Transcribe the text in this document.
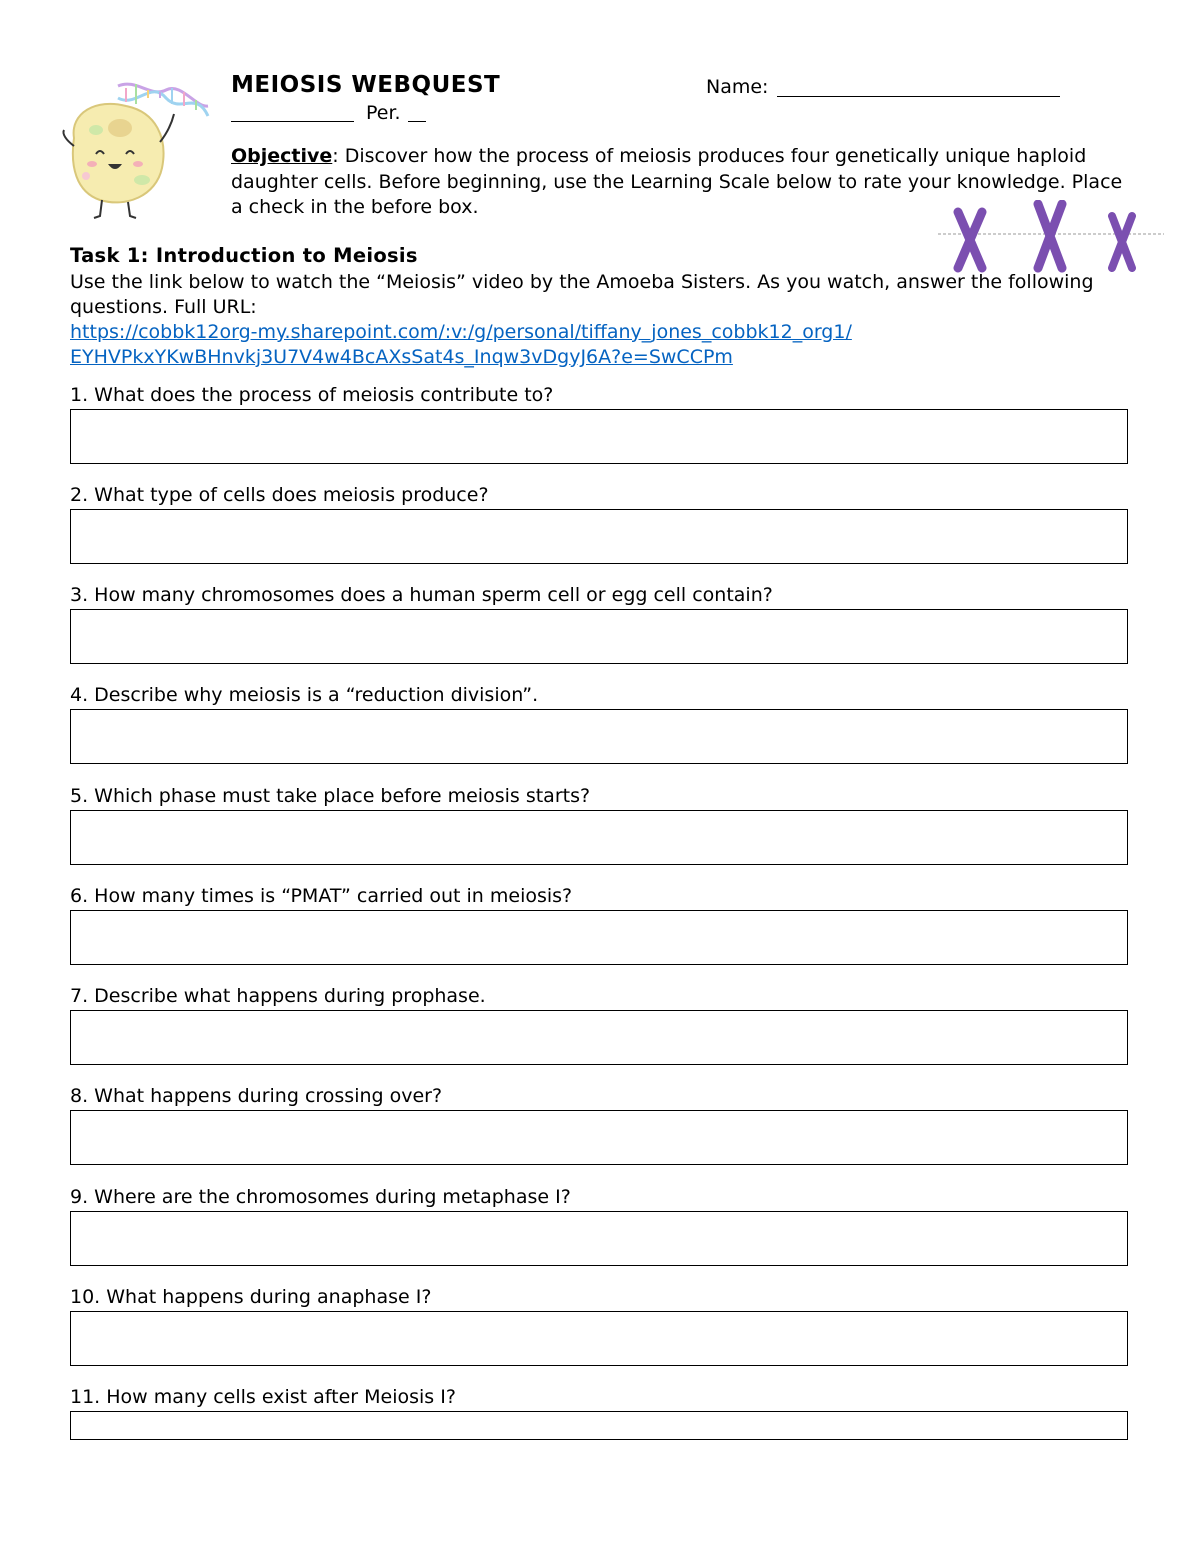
MEIOSIS WEBQUEST	Name:
Per.
Objective: Discover how the process of meiosis produces four genetically unique haploid daughter cells. Before beginning, use the Learning Scale below to rate your knowledge. Place a check in the before box.
Task 1: Introduction to Meiosis
Use the link below to watch the “Meiosis” video by the Amoeba Sisters. As you watch, answer the following questions. Full URL:
https://cobbk12org-my.sharepoint.com/:v:/g/personal/tiffany_jones_cobbk12_org1/
EYHVPkxYKwBHnvkj3U7V4w4BcAXsSat4s_Inqw3vDgyJ6A?e=SwCCPm
1. What does the process of meiosis contribute to?
2. What type of cells does meiosis produce?
3. How many chromosomes does a human sperm cell or egg cell contain?
4. Describe why meiosis is a “reduction division”.
5. Which phase must take place before meiosis starts?
6. How many times is “PMAT” carried out in meiosis?
7. Describe what happens during prophase.
8. What happens during crossing over?
9. Where are the chromosomes during metaphase I?
10. What happens during anaphase I?
11. How many cells exist after Meiosis I?
